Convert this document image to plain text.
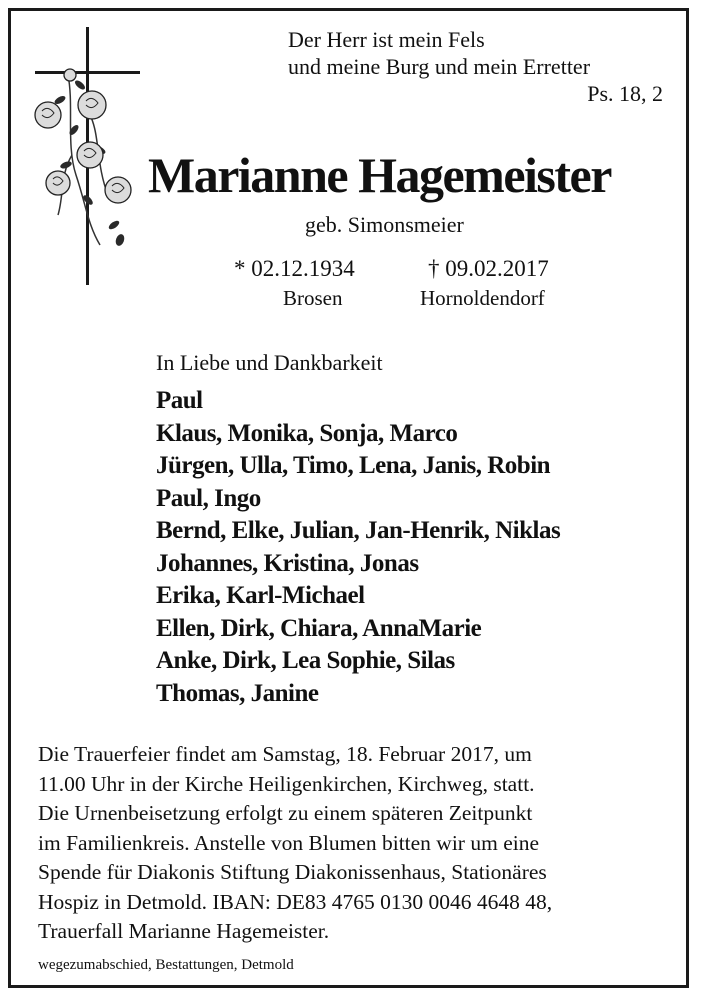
Der Herr ist mein Fels
und meine Burg und mein Erretter
Ps. 18, 2
Marianne Hagemeister
geb. Simonsmeier
* 02.12.1934	† 09.02.2017
Brosen	Hornoldendorf
In Liebe und Dankbarkeit
Paul
Klaus, Monika, Sonja, Marco
Jürgen, Ulla, Timo, Lena, Janis, Robin
Paul, Ingo
Bernd, Elke, Julian, Jan-Henrik, Niklas
Johannes, Kristina, Jonas
Erika, Karl-Michael
Ellen, Dirk, Chiara, AnnaMarie
Anke, Dirk, Lea Sophie, Silas
Thomas, Janine
Die Trauerfeier findet am Samstag, 18. Februar 2017, um
11.00 Uhr in der Kirche Heiligenkirchen, Kirchweg, statt.
Die Urnenbeisetzung erfolgt zu einem späteren Zeitpunkt
im Familienkreis. Anstelle von Blumen bitten wir um eine
Spende für Diakonis Stiftung Diakonissenhaus, Stationäres
Hospiz in Detmold. IBAN: DE83 4765 0130 0046 4648 48,
Trauerfall Marianne Hagemeister.
wegezumabschied, Bestattungen, Detmold
